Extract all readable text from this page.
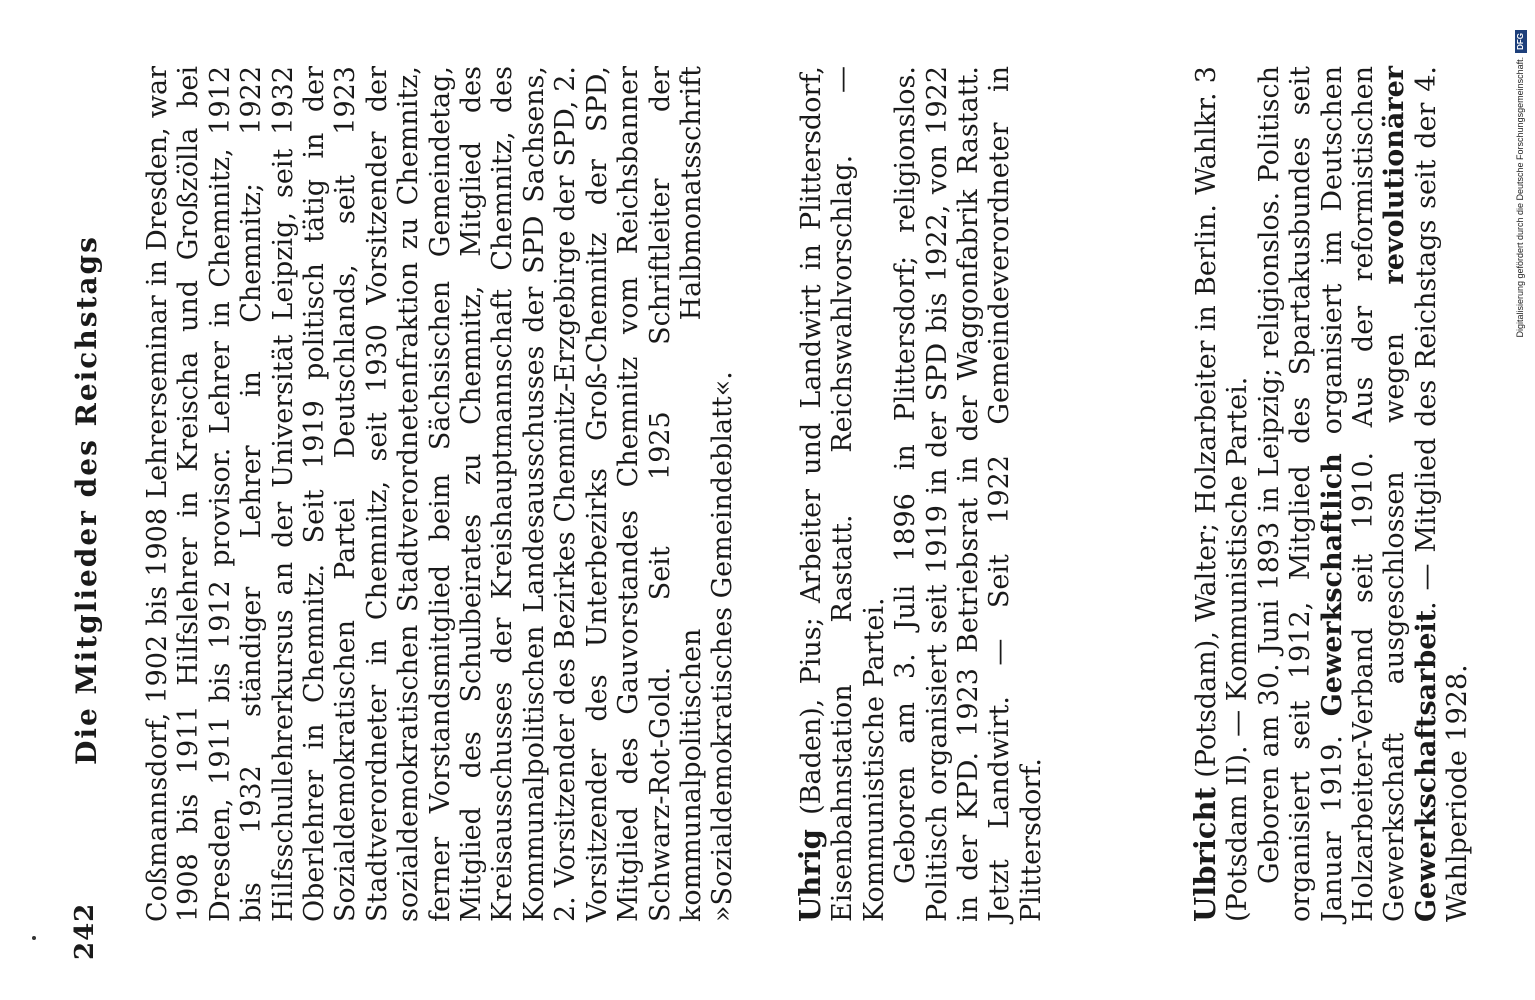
242
Die Mitglieder des Reichstags Coßmannsdorf, 1902 bis 1908 Lehrerseminar in Dresden, war 1908 bis 1911 Hilfslehrer in Kreischa und Großzölla bei Dresden, 1911 bis 1912 provisor. Lehrer in Chemnitz, 1912 bis 1932 ständiger Lehrer in Chemnitz; 1922 Hilfsschullehrerkursus an der Universität Leipzig, seit 1932 Oberlehrer in Chemnitz. Seit 1919 politisch tätig in der Sozialdemokratischen Partei Deutschlands, seit 1923 Stadtverordneter in Chemnitz, seit 1930 Vorsitzender der sozialdemokratischen Stadtverordnetenfraktion zu Chemnitz, ferner Vorstandsmitglied beim Sächsischen Gemeindetag, Mitglied des Schulbeirates zu Chemnitz, Mitglied des Kreisausschusses der Kreishauptmannschaft Chemnitz, des Kommunalpolitischen Landesausschusses der SPD Sachsens, 2. Vorsitzender des Bezirkes Chemnitz-Erzgebirge der SPD, 2. Vorsitzender des Unterbezirks Groß-Chemnitz der SPD, Mitglied des Gauvorstandes Chemnitz vom Reichsbanner Schwarz-Rot-Gold. Seit 1925 Schriftleiter der kommunalpolitischen Halbmonatsschrift »Sozialdemokratisches Gemeindeblatt«. Uhrig (Baden), Pius; Arbeiter und Landwirt in Plittersdorf, Eisenbahnstation Rastatt. Reichswahlvorschlag. — Kommunistische Partei. Geboren am 3. Juli 1896 in Plittersdorf; religionslos. Politisch organisiert seit 1919 in der SPD bis 1922, von 1922 in der KPD. 1923 Betriebsrat in der Waggonfabrik Rastatt. Jetzt Landwirt. — Seit 1922 Gemeindeverordneter in Plittersdorf.	Ulbricht (Potsdam), Walter; Holzarbeiter in Berlin. Wahlkr. 3 (Potsdam II). — Kommunistische Partei. Geboren am 30. Juni 1893 in Leipzig; religionslos. Politisch organisiert seit 1912, Mitglied des Spartakusbundes seit Januar 1919. Gewerkschaftlich organisiert im Deutschen Holzarbeiter-Verband seit 1910. Aus der reformistischen Gewerkschaft ausgeschlossen wegen revolutionärer Gewerkschaftsarbeit. — Mitglied des Reichstags seit der 4. Wahlperiode 1928.

Digitalisierung gefördert durch die Deutsche Forschungsgemeinschaft.DFG
